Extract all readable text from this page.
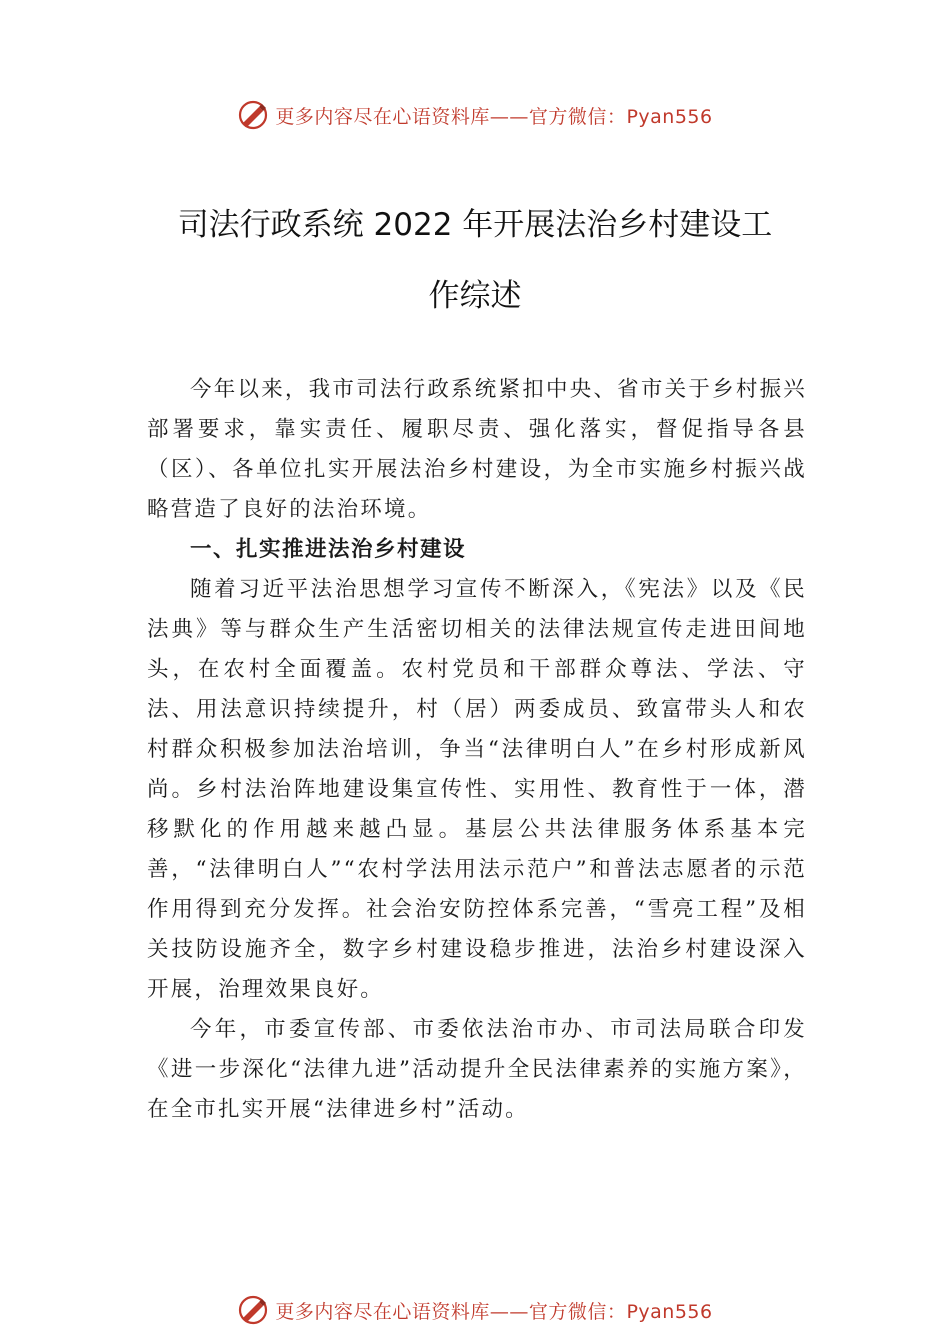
更多内容尽在心语资料库——官方微信：Pyan556
司法行政系统 2022 年开展法治乡村建设工
作综述

今年以来，我市司法行政系统紧扣中央、省市关于乡村振兴部署要求，靠实责任、履职尽责、强化落实，督促指导各县（区）、各单位扎实开展法治乡村建设，为全市实施乡村振兴战略营造了良好的法治环境。

一、扎实推进法治乡村建设

随着习近平法治思想学习宣传不断深入，《宪法》以及《民法典》等与群众生产生活密切相关的法律法规宣传走进田间地头，在农村全面覆盖。农村党员和干部群众尊法、学法、守法、用法意识持续提升，村（居）两委成员、致富带头人和农村群众积极参加法治培训，争当“法律明白人”在乡村形成新风尚。乡村法治阵地建设集宣传性、实用性、教育性于一体，潜移默化的作用越来越凸显。基层公共法律服务体系基本完善，“法律明白人”“农村学法用法示范户”和普法志愿者的示范作用得到充分发挥。社会治安防控体系完善，“雪亮工程”及相关技防设施齐全，数字乡村建设稳步推进，法治乡村建设深入开展，治理效果良好。

今年，市委宣传部、市委依法治市办、市司法局联合印发《进一步深化“法律九进”活动提升全民法律素养的实施方案》，在全市扎实开展“法律进乡村”活动。

更多内容尽在心语资料库——官方微信：Pyan556
